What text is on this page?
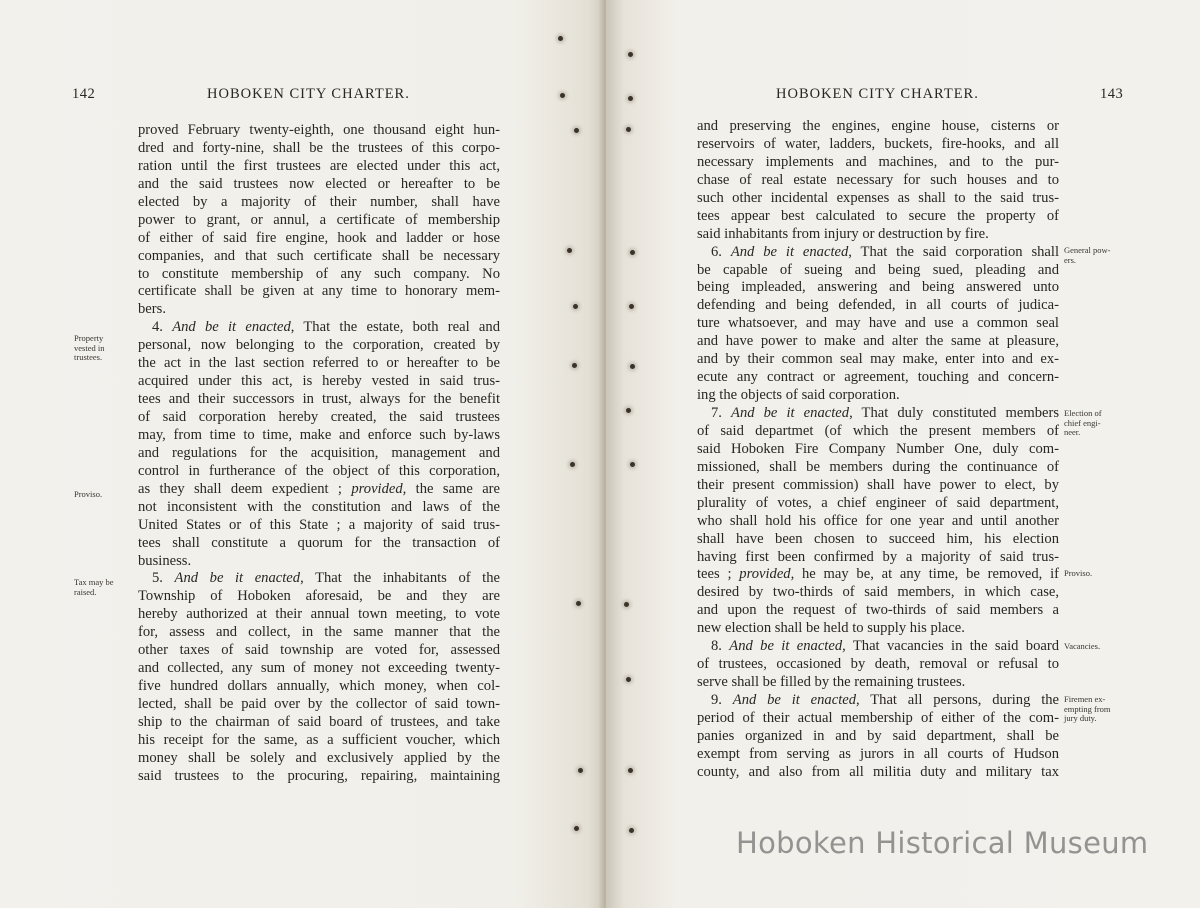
142	HOBOKEN CITY CHARTER.
proved February twenty-eighth, one thousand eight hun-
dred and forty-nine, shall be the trustees of this corpo-
ration until the first trustees are elected under this act,
and the said trustees now elected or hereafter to be
elected by a majority of their number, shall have
power to grant, or annul, a certificate of membership
of either of said fire engine, hook and ladder or hose
companies, and that such certificate shall be necessary
to constitute membership of any such company. No
certificate shall be given at any time to honorary mem-
bers.
4. And be it enacted, That the estate, both real and
personal, now belonging to the corporation, created by
the act in the last section referred to or hereafter to be
acquired under this act, is hereby vested in said trus-
tees and their successors in trust, always for the benefit
of said corporation hereby created, the said trustees
may, from time to time, make and enforce such by-laws
and regulations for the acquisition, management and
control in furtherance of the object of this corporation,
as they shall deem expedient ; provided, the same are
not inconsistent with the constitution and laws of the
United States or of this State ; a majority of said trus-
tees shall constitute a quorum for the transaction of
business.
5. And be it enacted, That the inhabitants of the
Township of Hoboken aforesaid, be and they are
hereby authorized at their annual town meeting, to vote
for, assess and collect, in the same manner that the
other taxes of said township are voted for, assessed
and collected, any sum of money not exceeding twenty-
five hundred dollars annually, which money, when col-
lected, shall be paid over by the collector of said town-
ship to the chairman of said board of trustees, and take
his receipt for the same, as a sufficient voucher, which
money shall be solely and exclusively applied by the
said trustees to the procuring, repairing, maintaining
Property
vested in
trustees.
Proviso.
Tax may be
raised.
HOBOKEN CITY CHARTER.	143
and preserving the engines, engine house, cisterns or
reservoirs of water, ladders, buckets, fire-hooks, and all
necessary implements and machines, and to the pur-
chase of real estate necessary for such houses and to
such other incidental expenses as shall to the said trus-
tees appear best calculated to secure the property of
said inhabitants from injury or destruction by fire.
6. And be it enacted, That the said corporation shall
be capable of sueing and being sued, pleading and
being impleaded, answering and being answered unto
defending and being defended, in all courts of judica-
ture whatsoever, and may have and use a common seal
and have power to make and alter the same at pleasure,
and by their common seal may make, enter into and ex-
ecute any contract or agreement, touching and concern-
ing the objects of said corporation.
7. And be it enacted, That duly constituted members
of said departmet (of which the present members of
said Hoboken Fire Company Number One, duly com-
missioned, shall be members during the continuance of
their present commission) shall have power to elect, by
plurality of votes, a chief engineer of said department,
who shall hold his office for one year and until another
shall have been chosen to succeed him, his election
having first been confirmed by a majority of said trus-
tees ; provided, he may be, at any time, be removed, if
desired by two-thirds of said members, in which case,
and upon the request of two-thirds of said members a
new election shall be held to supply his place.
8. And be it enacted, That vacancies in the said board
of trustees, occasioned by death, removal or refusal to
serve shall be filled by the remaining trustees.
9. And be it enacted, That all persons, during the
period of their actual membership of either of the com-
panies organized in and by said department, shall be
exempt from serving as jurors in all courts of Hudson
county, and also from all militia duty and military tax
General pow-
ers.
Election of
chief engi-
neer.
Proviso.
Vacancies.
Firemen ex-
empting from
jury duty.
Hoboken Historical Museum
